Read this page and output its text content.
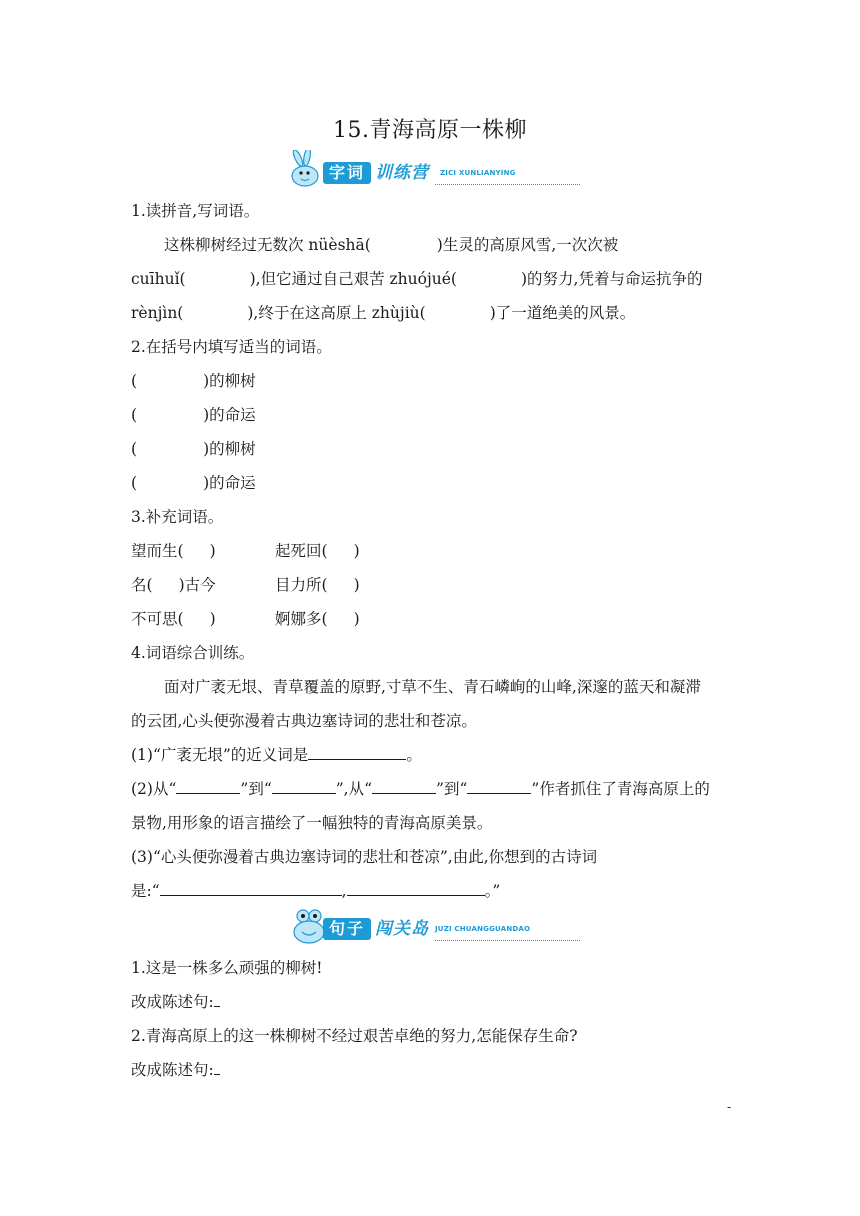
15.青海高原一株柳
字词 训练营 ZICI XUNLIANYING
1.读拼音,写词语。
这株柳树经过无数次 nüèshā(	)生灵的高原风雪,一次次被
cuīhuǐ(	),但它通过自己艰苦 zhuójué(	)的努力,凭着与命运抗争的
rènjìn(	),终于在这高原上 zhùjiù(	)了一道绝美的风景。
2.在括号内填写适当的词语。
(	)的柳树
(	)的命运
(	)的柳树
(	)的命运
3.补充词语。
望而生( )	起死回( )
名( )古今	目力所( )
不可思( )	婀娜多( )
4.词语综合训练。
面对广袤无垠、青草覆盖的原野,寸草不生、青石嶙峋的山峰,深邃的蓝天和凝滞
的云团,心头便弥漫着古典边塞诗词的悲壮和苍凉。
(1)“广袤无垠”的近义词是	。
(2)从“	”到“	”,从“	”到“	”作者抓住了青海高原上的
景物,用形象的语言描绘了一幅独特的青海高原美景。
(3)“心头便弥漫着古典边塞诗词的悲壮和苍凉”,由此,你想到的古诗词
是:“	,	。”
句子 闯关岛 JUZI CHUANGGUANDAO
1.这是一株多么顽强的柳树!
改成陈述句:
2.青海高原上的这一株柳树不经过艰苦卓绝的努力,怎能保存生命?
改成陈述句:
-
